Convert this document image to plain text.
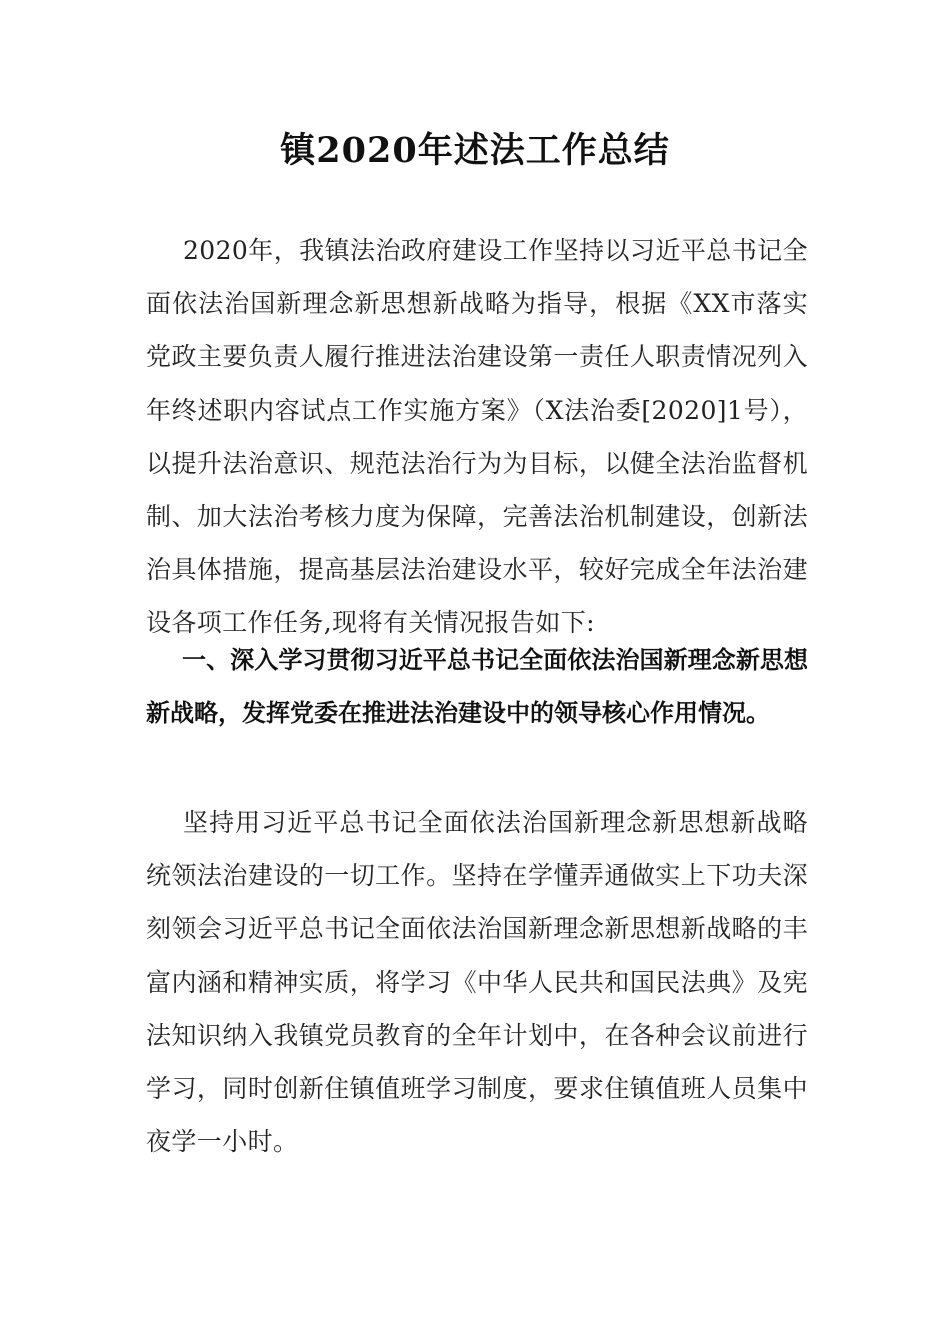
镇2020年述法工作总结

2020年，我镇法治政府建设工作坚持以习近平总书记全面依法治国新理念新思想新战略为指导，根据《XX市落实党政主要负责人履行推进法治建设第一责任人职责情况列入年终述职内容试点工作实施方案》（X法治委[2020]1号），以提升法治意识、规范法治行为为目标，以健全法治监督机制、加大法治考核力度为保障，完善法治机制建设，创新法治具体措施，提高基层法治建设水平，较好完成全年法治建设各项工作任务,现将有关情况报告如下:

一、深入学习贯彻习近平总书记全面依法治国新理念新思想新战略，发挥党委在推进法治建设中的领导核心作用情况。

坚持用习近平总书记全面依法治国新理念新思想新战略统领法治建设的一切工作。坚持在学懂弄通做实上下功夫深刻领会习近平总书记全面依法治国新理念新思想新战略的丰富内涵和精神实质，将学习《中华人民共和国民法典》及宪法知识纳入我镇党员教育的全年计划中，在各种会议前进行学习，同时创新住镇值班学习制度，要求住镇值班人员集中夜学一小时。
